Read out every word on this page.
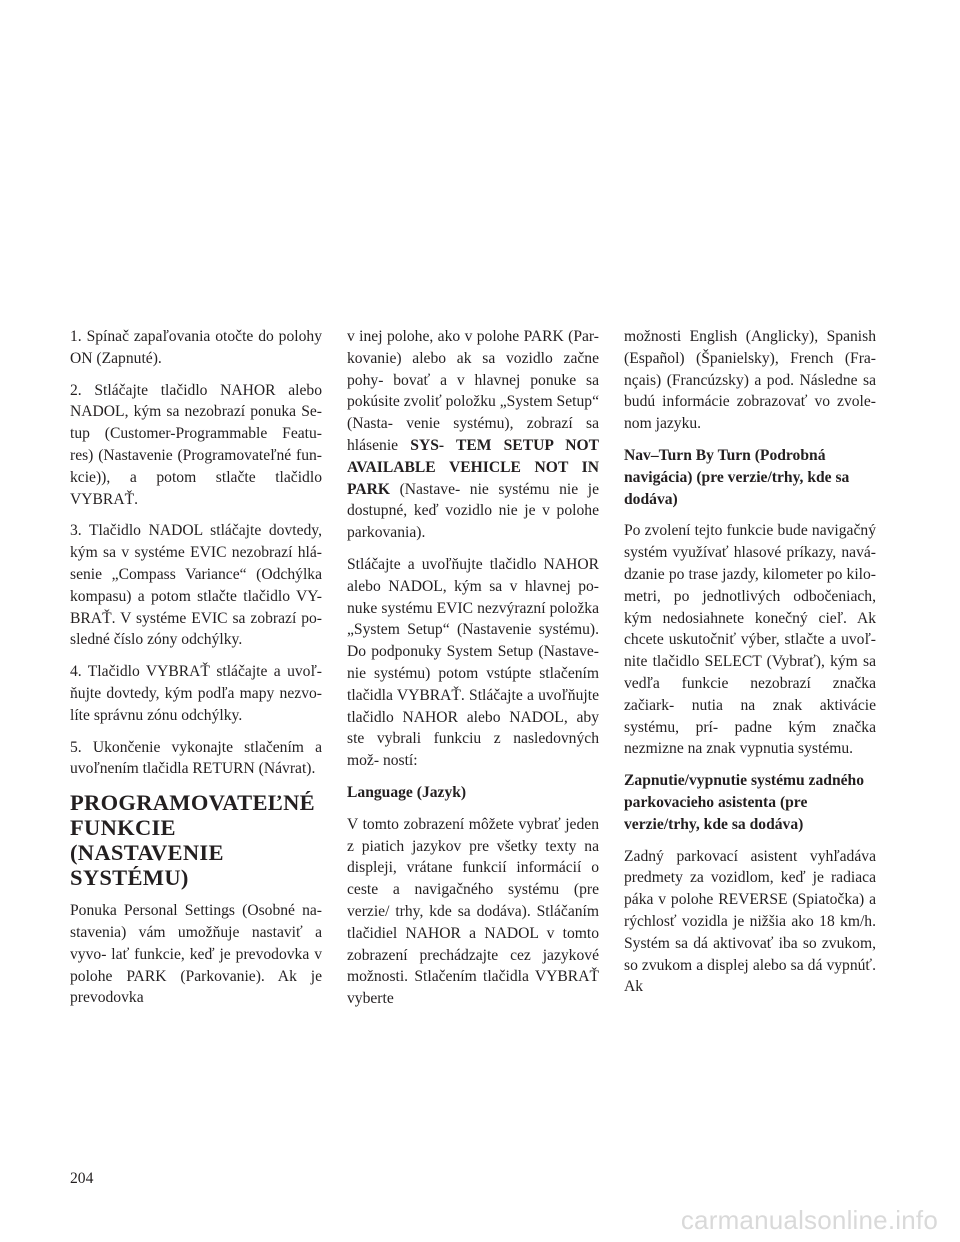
1. Spínač zapaľovania otočte do polohy ON (Zapnuté).

2. Stláčajte tlačidlo NAHOR alebo NADOL, kým sa nezobrazí ponuka Se- tup (Customer-Programmable Featu- res) (Nastavenie (Programovateľné fun- kcie)), a potom stlačte tlačidlo VYBRAŤ.

3. Tlačidlo NADOL stláčajte dovtedy, kým sa v systéme EVIC nezobrazí hlá- senie „Compass Variance“ (Odchýlka kompasu) a potom stlačte tlačidlo VY- BRAŤ. V systéme EVIC sa zobrazí po- sledné číslo zóny odchýlky.

4. Tlačidlo VYBRAŤ stláčajte a uvoľ- ňujte dovtedy, kým podľa mapy nezvo- líte správnu zónu odchýlky.

5. Ukončenie vykonajte stlačením a uvoľnením tlačidla RETURN (Návrat).

PROGRAMOVATEĽNÉ FUNKCIE (NASTAVENIE SYSTÉMU)

Ponuka Personal Settings (Osobné na- stavenia) vám umožňuje nastaviť a vyvo- lať funkcie, keď je prevodovka v polohe PARK (Parkovanie). Ak je prevodovka

v inej polohe, ako v polohe PARK (Par- kovanie) alebo ak sa vozidlo začne pohy- bovať a v hlavnej ponuke sa pokúsite zvoliť položku „System Setup“ (Nasta- venie systému), zobrazí sa hlásenie SYS- TEM SETUP NOT AVAILABLE VEHICLE NOT IN PARK (Nastave- nie systému nie je dostupné, keď vozidlo nie je v polohe parkovania).

Stláčajte a uvoľňujte tlačidlo NAHOR alebo NADOL, kým sa v hlavnej po- nuke systému EVIC nezvýrazní položka „System Setup“ (Nastavenie systému). Do podponuky System Setup (Nastave- nie systému) potom vstúpte stlačením tlačidla VYBRAŤ. Stláčajte a uvoľňujte tlačidlo NAHOR alebo NADOL, aby ste vybrali funkciu z nasledovných mož- ností:

Language (Jazyk)

V tomto zobrazení môžete vybrať jeden z piatich jazykov pre všetky texty na displeji, vrátane funkcií informácií o ceste a navigačného systému (pre verzie/ trhy, kde sa dodáva). Stláčaním tlačidiel NAHOR a NADOL v tomto zobrazení prechádzajte cez jazykové možnosti. Stlačením tlačidla VYBRAŤ vyberte

možnosti English (Anglicky), Spanish (Español) (Španielsky), French (Fra- nçais) (Francúzsky) a pod. Následne sa budú informácie zobrazovať vo zvole- nom jazyku.

Nav–Turn By Turn (Podrobná navigácia) (pre verzie/trhy, kde sa dodáva)

Po zvolení tejto funkcie bude navigačný systém využívať hlasové príkazy, navá- dzanie po trase jazdy, kilometer po kilo- metri, po jednotlivých odbočeniach, kým nedosiahnete konečný cieľ. Ak chcete uskutočniť výber, stlačte a uvoľ- nite tlačidlo SELECT (Vybrať), kým sa vedľa funkcie nezobrazí značka začiark- nutia na znak aktivácie systému, prí- padne kým značka nezmizne na znak vypnutia systému.

Zapnutie/vypnutie systému zadného parkovacieho asistenta (pre verzie/trhy, kde sa dodáva)

Zadný parkovací asistent vyhľadáva predmety za vozidlom, keď je radiaca páka v polohe REVERSE (Spiatočka) a rýchlosť vozidla je nižšia ako 18 km/h. Systém sa dá aktivovať iba so zvukom, so zvukom a displej alebo sa dá vypnúť. Ak

204
carmanualsonline.info
